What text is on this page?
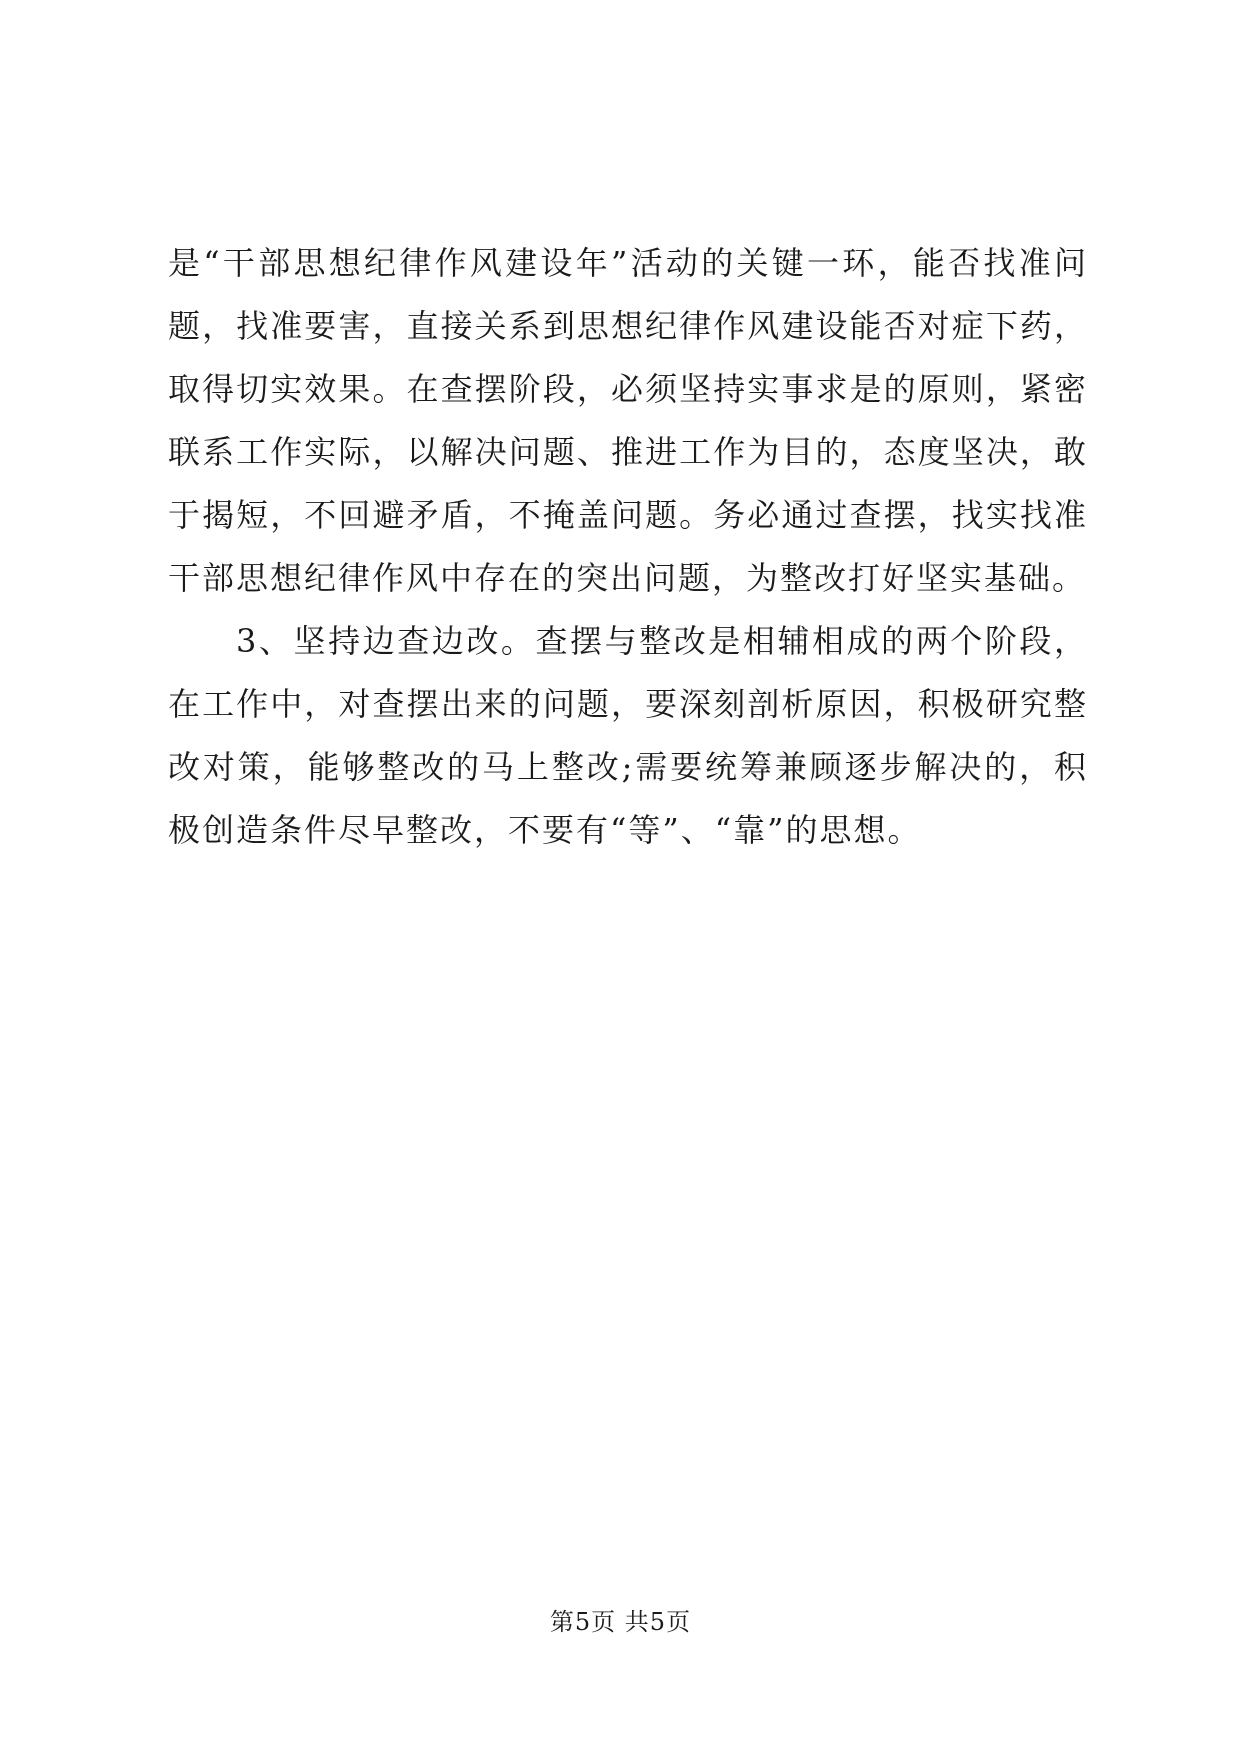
是“干部思想纪律作风建设年”活动的关键一环，能否找准问题，找准要害，直接关系到思想纪律作风建设能否对症下药，取得切实效果。在查摆阶段，必须坚持实事求是的原则，紧密联系工作实际，以解决问题、推进工作为目的，态度坚决，敢于揭短，不回避矛盾，不掩盖问题。务必通过查摆，找实找准干部思想纪律作风中存在的突出问题，为整改打好坚实基础。

3、坚持边查边改。查摆与整改是相辅相成的两个阶段，在工作中，对查摆出来的问题，要深刻剖析原因，积极研究整改对策，能够整改的马上整改;需要统筹兼顾逐步解决的，积极创造条件尽早整改，不要有“等”、“靠”的思想。

第5页 共5页
